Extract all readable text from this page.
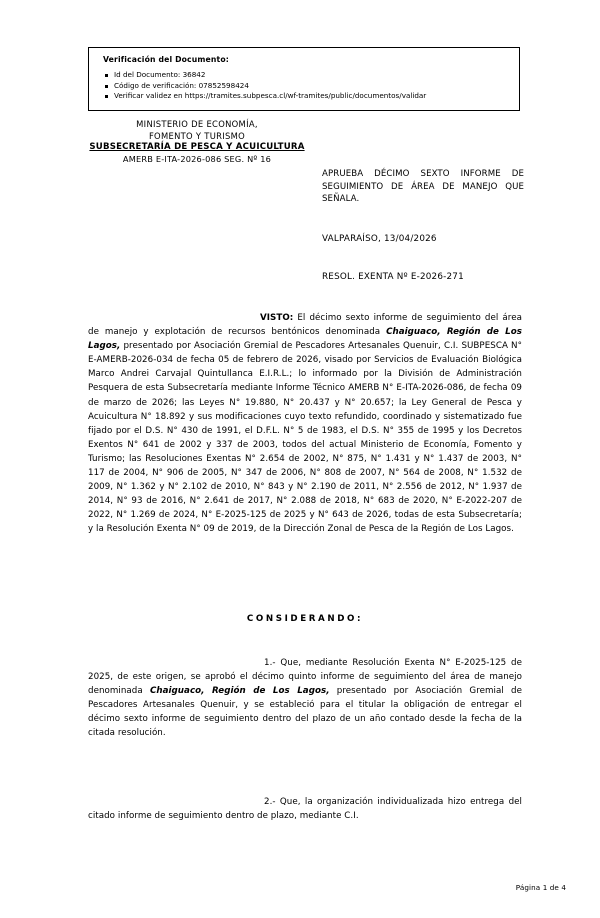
Verificación del Documento:
Id del Documento: 36842
Código de verificación: 07852598424
Verificar validez en https://tramites.subpesca.cl/wf-tramites/public/documentos/validar
MINISTERIO DE ECONOMÍA,
FOMENTO Y TURISMO
SUBSECRETARÍA DE PESCA Y ACUICULTURA
AMERB E-ITA-2026-086 SEG. Nº 16
APRUEBA DÉCIMO SEXTO INFORME DE SEGUIMIENTO DE ÁREA DE MANEJO QUE SEÑALA.
VALPARAÍSO, 13/04/2026
RESOL. EXENTA Nº E-2026-271
VISTO: El décimo sexto informe de seguimiento del área de manejo y explotación de recursos bentónicos denominada Chaiguaco, Región de Los Lagos, presentado por Asociación Gremial de Pescadores Artesanales Quenuir, C.I. SUBPESCA N° E-AMERB-2026-034 de fecha 05 de febrero de 2026, visado por Servicios de Evaluación Biológica Marco Andrei Carvajal Quintullanca E.I.R.L.; lo informado por la División de Administración Pesquera de esta Subsecretaría mediante Informe Técnico AMERB N° E-ITA-2026-086, de fecha 09 de marzo de 2026; las Leyes N° 19.880, N° 20.437 y N° 20.657; la Ley General de Pesca y Acuicultura N° 18.892 y sus modificaciones cuyo texto refundido, coordinado y sistematizado fue fijado por el D.S. N° 430 de 1991, el D.F.L. N° 5 de 1983, el D.S. N° 355 de 1995 y los Decretos Exentos N° 641 de 2002 y 337 de 2003, todos del actual Ministerio de Economía, Fomento y Turismo; las Resoluciones Exentas N° 2.654 de 2002, N° 875, N° 1.431 y N° 1.437 de 2003, N° 117 de 2004, N° 906 de 2005, N° 347 de 2006, N° 808 de 2007, N° 564 de 2008, N° 1.532 de 2009, N° 1.362 y N° 2.102 de 2010, N° 843 y N° 2.190 de 2011, N° 2.556 de 2012, N° 1.937 de 2014, N° 93 de 2016, N° 2.641 de 2017, N° 2.088 de 2018, N° 683 de 2020, N° E-2022-207 de 2022, N° 1.269 de 2024, N° E-2025-125 de 2025 y N° 643 de 2026, todas de esta Subsecretaría; y la Resolución Exenta N° 09 de 2019, de la Dirección Zonal de Pesca de la Región de Los Lagos.
CONSIDERANDO:
1.- Que, mediante Resolución Exenta N° E-2025-125 de 2025, de este origen, se aprobó el décimo quinto informe de seguimiento del área de manejo denominada Chaiguaco, Región de Los Lagos, presentado por Asociación Gremial de Pescadores Artesanales Quenuir, y se estableció para el titular la obligación de entregar el décimo sexto informe de seguimiento dentro del plazo de un año contado desde la fecha de la citada resolución.
2.- Que, la organización individualizada hizo entrega del citado informe de seguimiento dentro de plazo, mediante C.I.
Página 1 de 4
